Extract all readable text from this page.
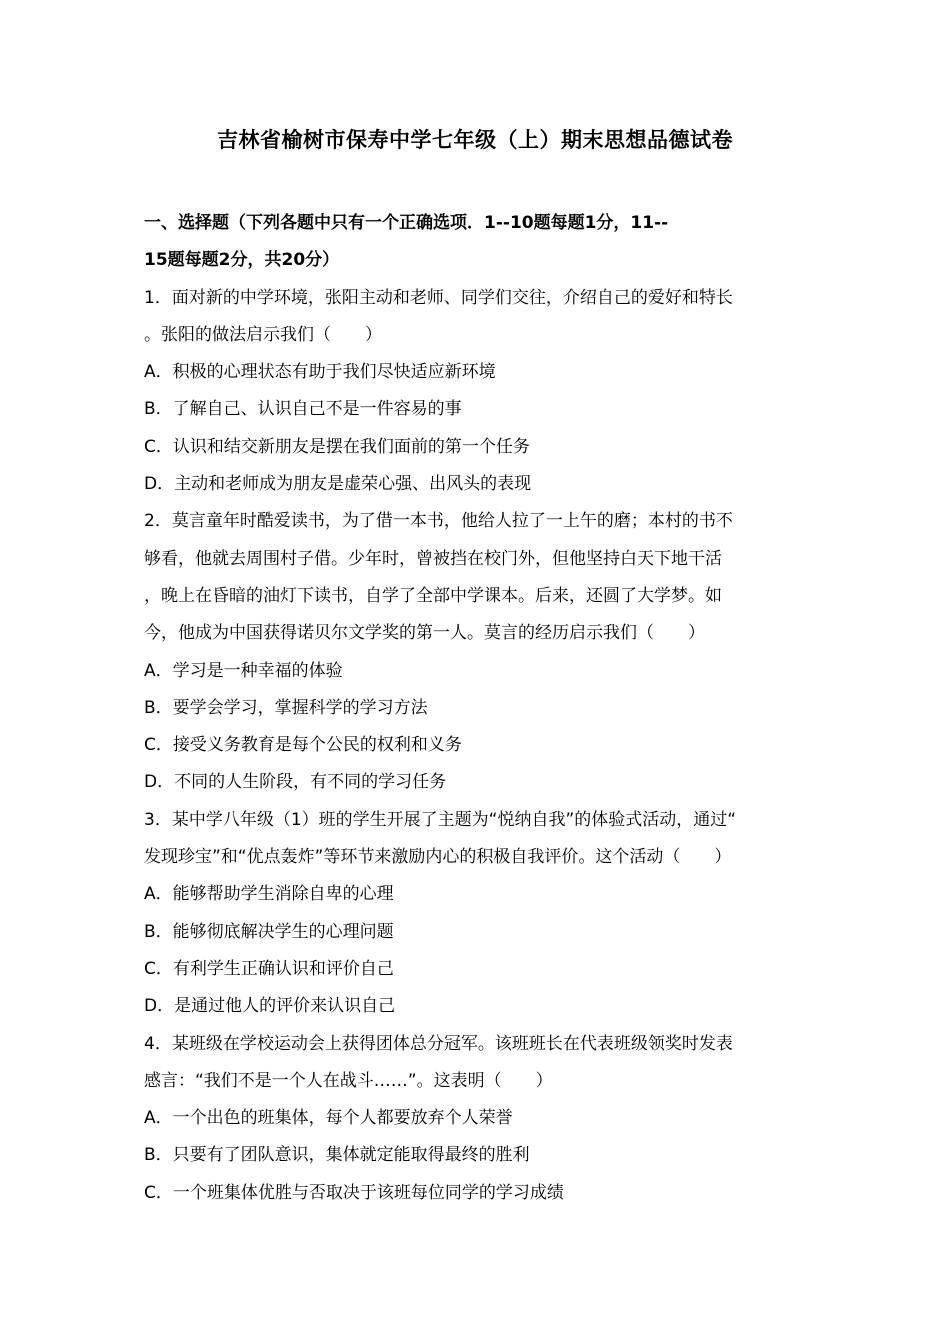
吉林省榆树市保寿中学七年级（上）期末思想品德试卷
一、选择题（下列各题中只有一个正确选项．1--10题每题1分，11--
15题每题2分，共20分）
1．面对新的中学环境，张阳主动和老师、同学们交往，介绍自己的爱好和特长
。张阳的做法启示我们（　　）
A．积极的心理状态有助于我们尽快适应新环境
B．了解自己、认识自己不是一件容易的事
C．认识和结交新朋友是摆在我们面前的第一个任务
D．主动和老师成为朋友是虚荣心强、出风头的表现
2．莫言童年时酷爱读书，为了借一本书，他给人拉了一上午的磨；本村的书不
够看，他就去周围村子借。少年时，曾被挡在校门外，但他坚持白天下地干活
，晚上在昏暗的油灯下读书，自学了全部中学课本。后来，还圆了大学梦。如
今，他成为中国获得诺贝尔文学奖的第一人。莫言的经历启示我们（　　）
A．学习是一种幸福的体验
B．要学会学习，掌握科学的学习方法
C．接受义务教育是每个公民的权利和义务
D．不同的人生阶段，有不同的学习任务
3．某中学八年级（1）班的学生开展了主题为“悦纳自我”的体验式活动，通过“
发现珍宝”和“优点轰炸”等环节来激励内心的积极自我评价。这个活动（　　）
A．能够帮助学生消除自卑的心理
B．能够彻底解决学生的心理问题
C．有利学生正确认识和评价自己
D．是通过他人的评价来认识自己
4．某班级在学校运动会上获得团体总分冠军。该班班长在代表班级领奖时发表
感言：“我们不是一个人在战斗……”。这表明（　　）
A．一个出色的班集体，每个人都要放弃个人荣誉
B．只要有了团队意识，集体就定能取得最终的胜利
C．一个班集体优胜与否取决于该班每位同学的学习成绩
